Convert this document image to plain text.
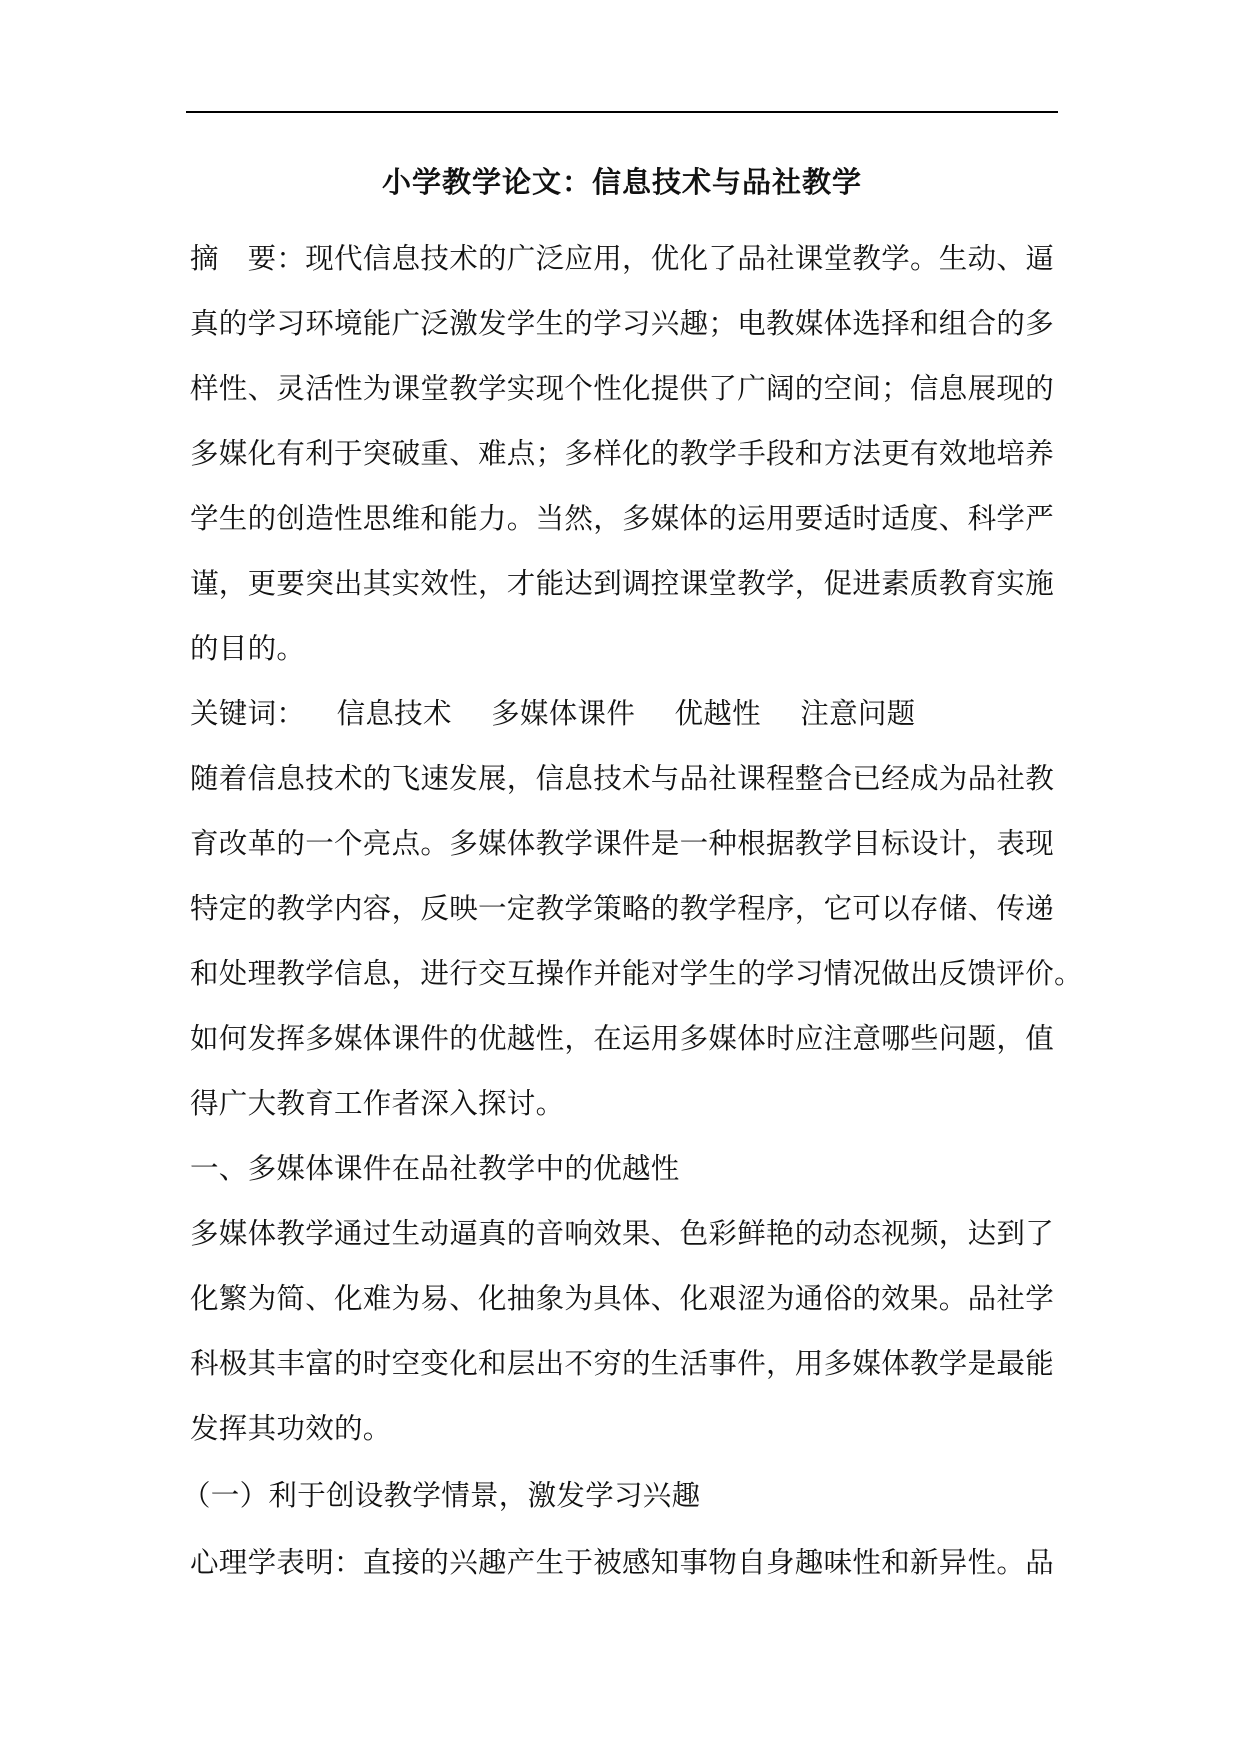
小学教学论文：信息技术与品社教学
摘　要：现代信息技术的广泛应用，优化了品社课堂教学。生动、逼
真的学习环境能广泛激发学生的学习兴趣；电教媒体选择和组合的多
样性、灵活性为课堂教学实现个性化提供了广阔的空间；信息展现的
多媒化有利于突破重、难点；多样化的教学手段和方法更有效地培养
学生的创造性思维和能力。当然，多媒体的运用要适时适度、科学严
谨，更要突出其实效性，才能达到调控课堂教学，促进素质教育实施
的目的。
关键词： 信息技术 多媒体课件 优越性 注意问题
随着信息技术的飞速发展，信息技术与品社课程整合已经成为品社教
育改革的一个亮点。多媒体教学课件是一种根据教学目标设计，表现
特定的教学内容，反映一定教学策略的教学程序，它可以存储、传递
和处理教学信息，进行交互操作并能对学生的学习情况做出反馈评价。
如何发挥多媒体课件的优越性，在运用多媒体时应注意哪些问题，值
得广大教育工作者深入探讨。
一、多媒体课件在品社教学中的优越性
多媒体教学通过生动逼真的音响效果、色彩鲜艳的动态视频，达到了
化繁为简、化难为易、化抽象为具体、化艰涩为通俗的效果。品社学
科极其丰富的时空变化和层出不穷的生活事件，用多媒体教学是最能
发挥其功效的。
（一）利于创设教学情景，激发学习兴趣
心理学表明：直接的兴趣产生于被感知事物自身趣味性和新异性。品
